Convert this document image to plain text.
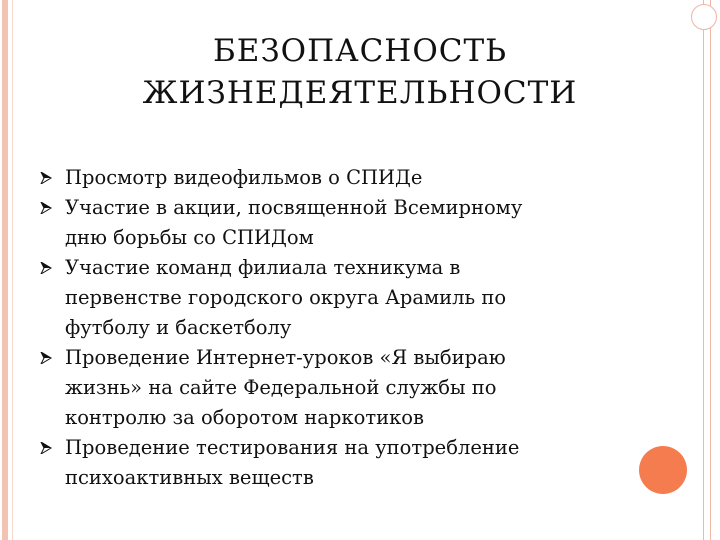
БЕЗОПАСНОСТЬ
ЖИЗНЕДЕЯТЕЛЬНОСТИ
Просмотр видеофильмов о СПИДе
Участие в акции, посвященной Всемирному
дню борьбы со СПИДом
Участие команд филиала техникума в
первенстве городского округа Арамиль по
футболу и баскетболу
Проведение Интернет-уроков «Я выбираю
жизнь» на сайте Федеральной службы по
контролю за оборотом наркотиков
Проведение тестирования на употребление
психоактивных веществ
